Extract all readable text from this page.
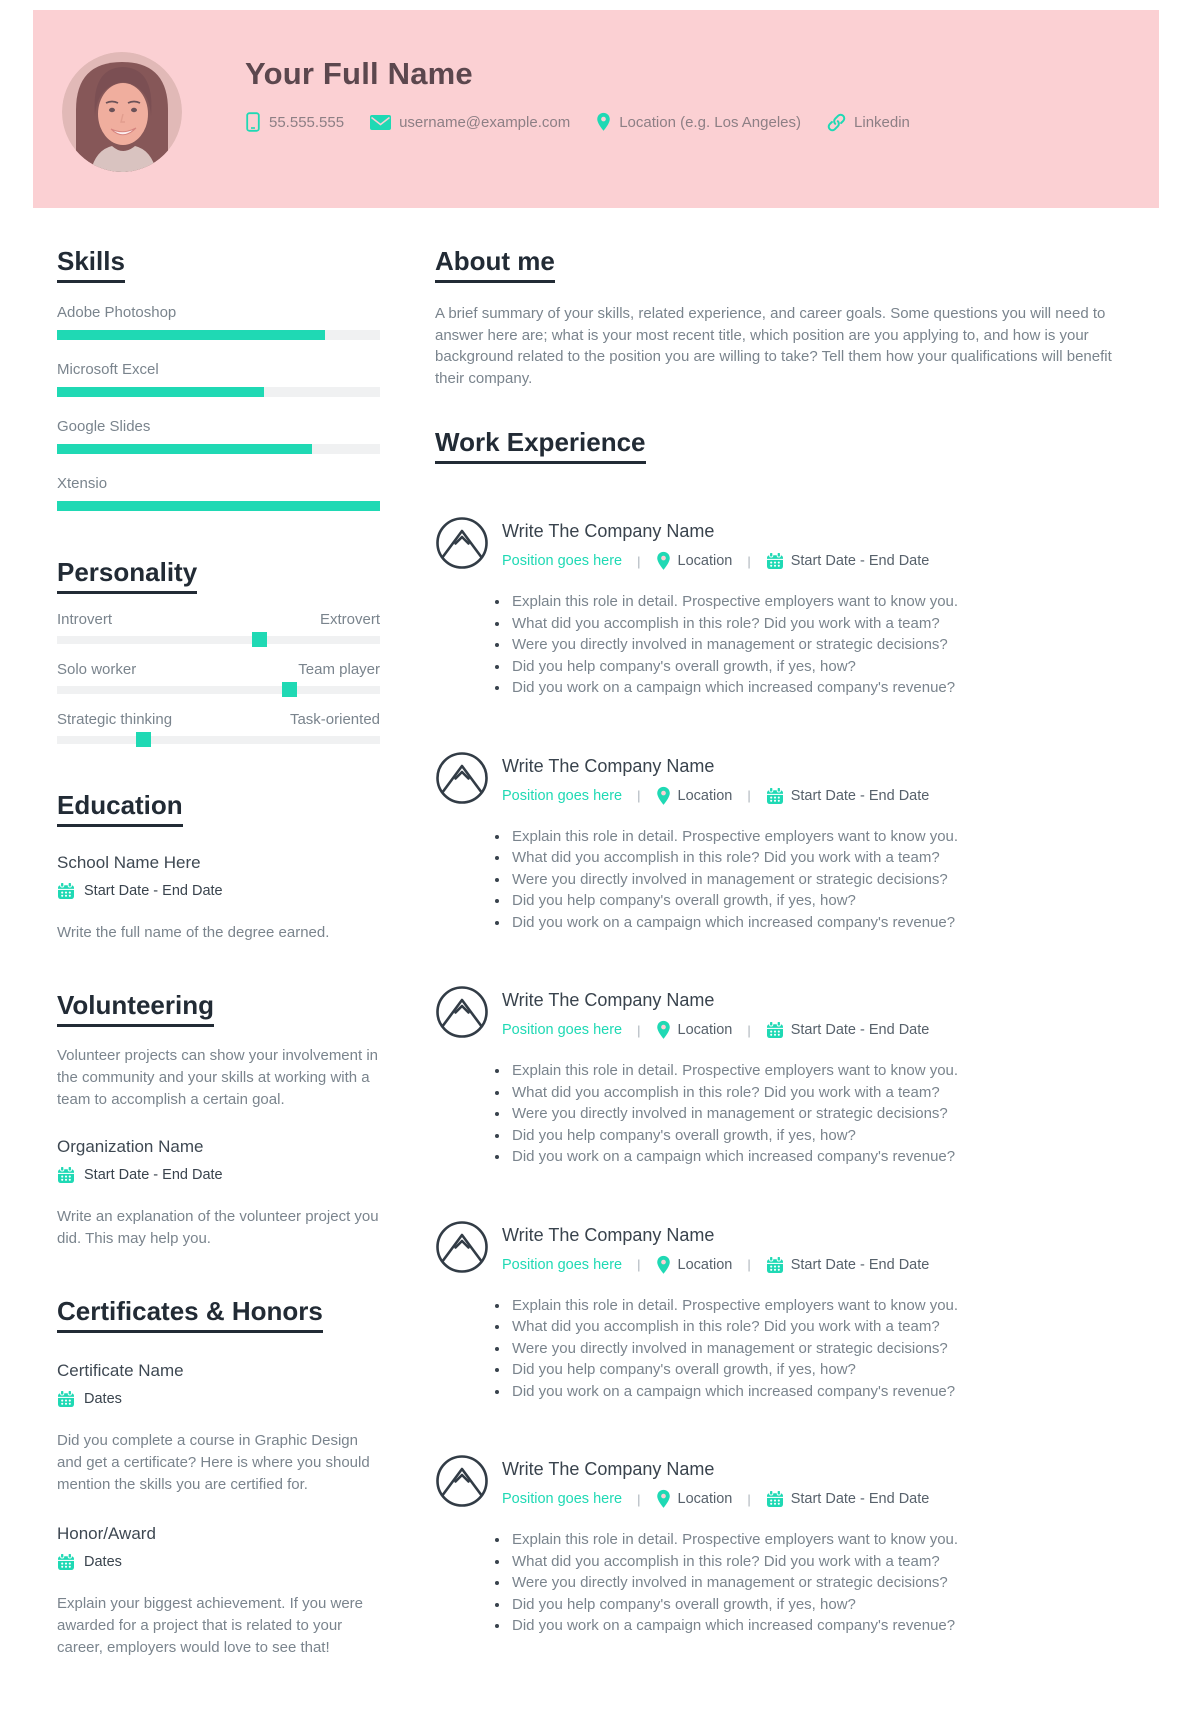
Your Full Name
55.555.555	username@example.com	Location (e.g. Los Angeles)	Linkedin
Skills
Adobe Photoshop
Microsoft Excel
Google Slides
Xtensio
Personality
Introvert	Extrovert
Solo worker	Team player
Strategic thinking	Task-oriented
Education

School Name Here

Start Date - End Date

Write the full name of the degree earned.

Volunteering

Volunteer projects can show your involvement in the community and your skills at working with a team to accomplish a certain goal.

Organization Name

Start Date - End Date

Write an explanation of the volunteer project you did. This may help you.

Certificates & Honors

Certificate Name

Dates

Did you complete a course in Graphic Design and get a certificate? Here is where you should mention the skills you are certified for.

Honor/Award

Dates

Explain your biggest achievement. If you were awarded for a project that is related to your career, employers would love to see that!

About me

A brief summary of your skills, related experience, and career goals. Some questions you will need to answer here are; what is your most recent title, which position are you applying to, and how is your background related to the position you are willing to take? Tell them how your qualifications will benefit their company.

Work Experience

Write The Company Name

Position goes here |	Location |	Start Date - End Date
• Explain this role in detail. Prospective employers want to know you.
• What did you accomplish in this role? Did you work with a team?
• Were you directly involved in management or strategic decisions?
• Did you help company's overall growth, if yes, how?
• Did you work on a campaign which increased company's revenue?

Write The Company Name

Position goes here |	Location |	Start Date - End Date
• Explain this role in detail. Prospective employers want to know you.
• What did you accomplish in this role? Did you work with a team?
• Were you directly involved in management or strategic decisions?
• Did you help company's overall growth, if yes, how?
• Did you work on a campaign which increased company's revenue?

Write The Company Name

Position goes here |	Location |	Start Date - End Date
• Explain this role in detail. Prospective employers want to know you.
• What did you accomplish in this role? Did you work with a team?
• Were you directly involved in management or strategic decisions?
• Did you help company's overall growth, if yes, how?
• Did you work on a campaign which increased company's revenue?

Write The Company Name

Position goes here |	Location |	Start Date - End Date
• Explain this role in detail. Prospective employers want to know you.
• What did you accomplish in this role? Did you work with a team?
• Were you directly involved in management or strategic decisions?
• Did you help company's overall growth, if yes, how?
• Did you work on a campaign which increased company's revenue?

Write The Company Name

Position goes here |	Location |	Start Date - End Date
• Explain this role in detail. Prospective employers want to know you.
• What did you accomplish in this role? Did you work with a team?
• Were you directly involved in management or strategic decisions?
• Did you help company's overall growth, if yes, how?
• Did you work on a campaign which increased company's revenue?
